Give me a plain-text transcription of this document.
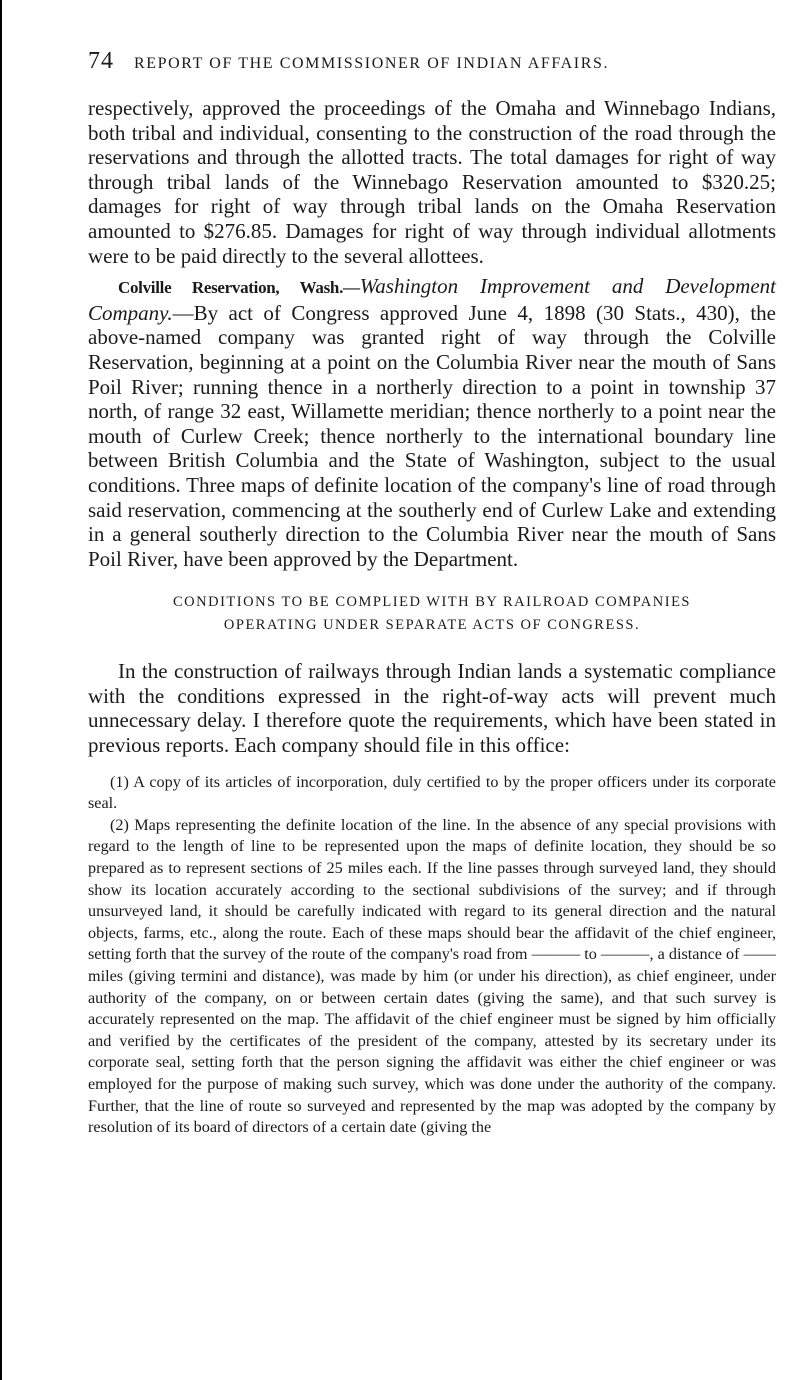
74	REPORT OF THE COMMISSIONER OF INDIAN AFFAIRS.

respectively, approved the proceedings of the Omaha and Winnebago Indians, both tribal and individual, consenting to the construction of the road through the reservations and through the allotted tracts. The total damages for right of way through tribal lands of the Winnebago Reservation amounted to $320.25; damages for right of way through tribal lands on the Omaha Reservation amounted to $276.85. Damages for right of way through individual allotments were to be paid directly to the several allottees.

Colville Reservation, Wash.—Washington Improvement and Development Company.—By act of Congress approved June 4, 1898 (30 Stats., 430), the above-named company was granted right of way through the Colville Reservation, beginning at a point on the Columbia River near the mouth of Sans Poil River; running thence in a northerly direction to a point in township 37 north, of range 32 east, Willamette meridian; thence northerly to a point near the mouth of Curlew Creek; thence northerly to the international boundary line between British Columbia and the State of Washington, subject to the usual conditions. Three maps of definite location of the company's line of road through said reservation, commencing at the southerly end of Curlew Lake and extending in a general southerly direction to the Columbia River near the mouth of Sans Poil River, have been approved by the Department.

CONDITIONS TO BE COMPLIED WITH BY RAILROAD COMPANIES
OPERATING UNDER SEPARATE ACTS OF CONGRESS.

In the construction of railways through Indian lands a systematic compliance with the conditions expressed in the right-of-way acts will prevent much unnecessary delay. I therefore quote the requirements, which have been stated in previous reports. Each company should file in this office:

(1) A copy of its articles of incorporation, duly certified to by the proper officers under its corporate seal.

(2) Maps representing the definite location of the line. In the absence of any special provisions with regard to the length of line to be represented upon the maps of definite location, they should be so prepared as to represent sections of 25 miles each. If the line passes through surveyed land, they should show its location accurately according to the sectional subdivisions of the survey; and if through unsurveyed land, it should be carefully indicated with regard to its general direction and the natural objects, farms, etc., along the route. Each of these maps should bear the affidavit of the chief engineer, setting forth that the survey of the route of the company's road from ——— to ———, a distance of —— miles (giving termini and distance), was made by him (or under his direction), as chief engineer, under authority of the company, on or between certain dates (giving the same), and that such survey is accurately represented on the map. The affidavit of the chief engineer must be signed by him officially and verified by the certificates of the president of the company, attested by its secretary under its corporate seal, setting forth that the person signing the affidavit was either the chief engineer or was employed for the purpose of making such survey, which was done under the authority of the company. Further, that the line of route so surveyed and represented by the map was adopted by the company by resolution of its board of directors of a certain date (giving the
